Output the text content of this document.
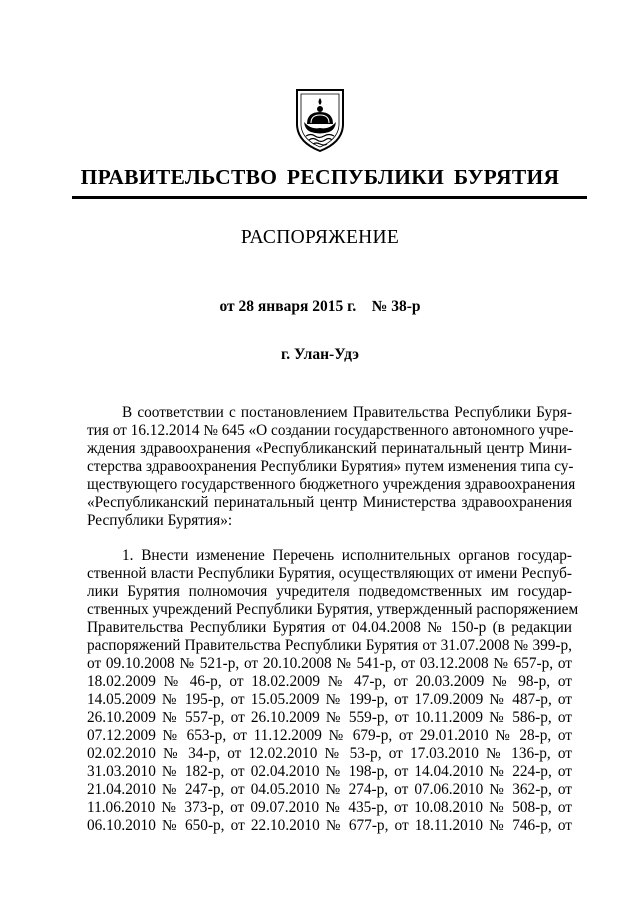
ПРАВИТЕЛЬСТВО РЕСПУБЛИКИ БУРЯТИЯ
РАСПОРЯЖЕНИЕ
от 28 января 2015 г. № 38-р
г. Улан-Удэ
В соответствии с постановлением Правительства Республики Буря-
тия от 16.12.2014 № 645 «О создании государственного автономного учре-
ждения здравоохранения «Республиканский перинатальный центр Мини-
стерства здравоохранения Республики Бурятия» путем изменения типа су-
ществующего государственного бюджетного учреждения здравоохранения
«Республиканский перинатальный центр Министерства здравоохранения
Республики Бурятия»:
1. Внести изменение Перечень исполнительных органов государ-
ственной власти Республики Бурятия, осуществляющих от имени Респуб-
лики Бурятия полномочия учредителя подведомственных им государ-
ственных учреждений Республики Бурятия, утвержденный распоряжением
Правительства Республики Бурятия от 04.04.2008 № 150-р (в редакции
распоряжений Правительства Республики Бурятия от 31.07.2008 № 399-р,
от 09.10.2008 № 521-р, от 20.10.2008 № 541-р, от 03.12.2008 № 657-р, от
18.02.2009 № 46-р, от 18.02.2009 № 47-р, от 20.03.2009 № 98-р, от
14.05.2009 № 195-р, от 15.05.2009 № 199-р, от 17.09.2009 № 487-р, от
26.10.2009 № 557-р, от 26.10.2009 № 559-р, от 10.11.2009 № 586-р, от
07.12.2009 № 653-р, от 11.12.2009 № 679-р, от 29.01.2010 № 28-р, от
02.02.2010 № 34-р, от 12.02.2010 № 53-р, от 17.03.2010 № 136-р, от
31.03.2010 № 182-р, от 02.04.2010 № 198-р, от 14.04.2010 № 224-р, от
21.04.2010 № 247-р, от 04.05.2010 № 274-р, от 07.06.2010 № 362-р, от
11.06.2010 № 373-р, от 09.07.2010 № 435-р, от 10.08.2010 № 508-р, от
06.10.2010 № 650-р, от 22.10.2010 № 677-р, от 18.11.2010 № 746-р, от
